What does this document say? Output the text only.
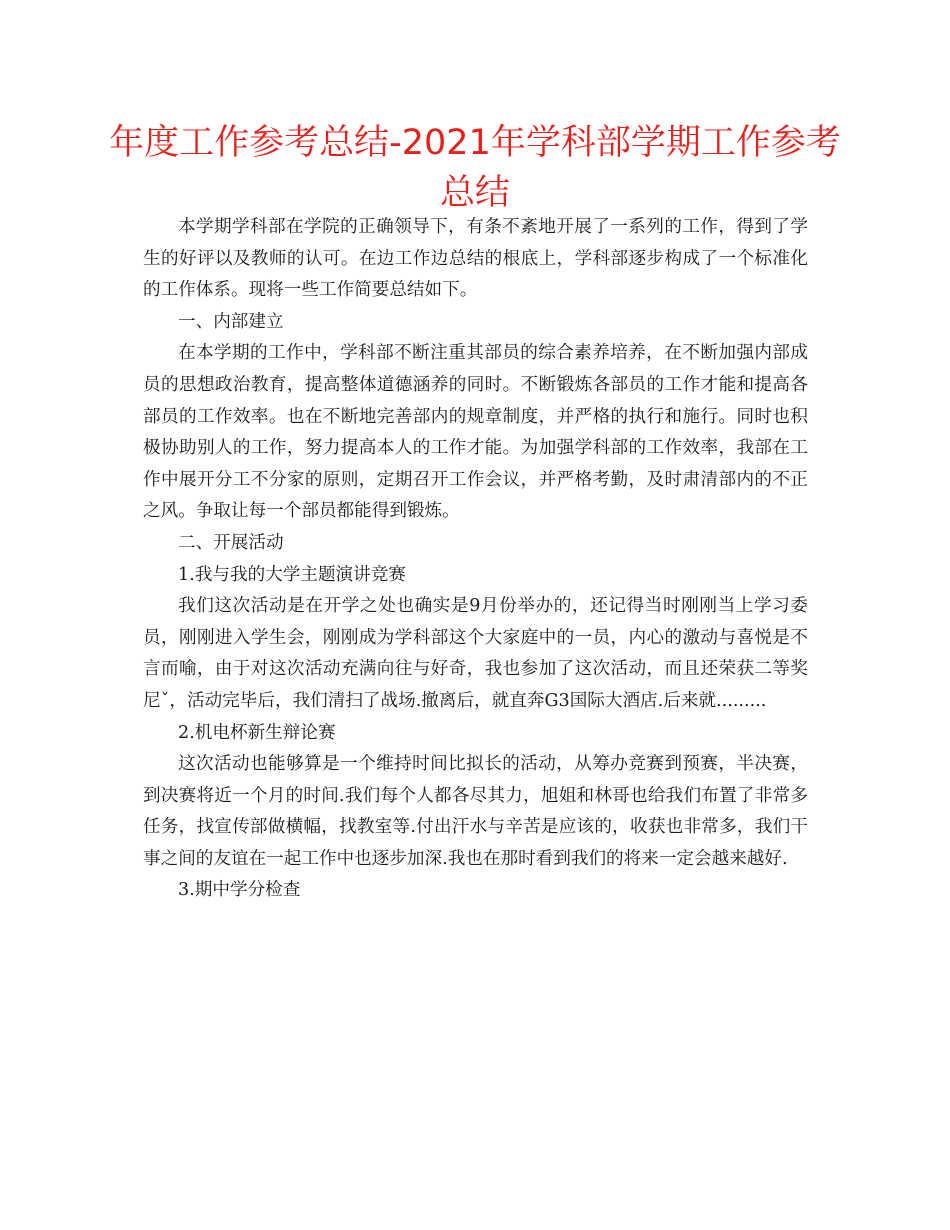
年度工作参考总结-2021年学科部学期工作参考总结

本学期学科部在学院的正确领导下，有条不紊地开展了一系列的工作，得到了学生的好评以及教师的认可。在边工作边总结的根底上，学科部逐步构成了一个标准化的工作体系。现将一些工作简要总结如下。

一、内部建立

在本学期的工作中，学科部不断注重其部员的综合素养培养，在不断加强内部成员的思想政治教育，提高整体道德涵养的同时。不断锻炼各部员的工作才能和提高各部员的工作效率。也在不断地完善部内的规章制度，并严格的执行和施行。同时也积极协助别人的工作，努力提高本人的工作才能。为加强学科部的工作效率，我部在工作中展开分工不分家的原则，定期召开工作会议，并严格考勤，及时肃清部内的不正之风。争取让每一个部员都能得到锻炼。

二、开展活动

1.我与我的大学主题演讲竞赛

我们这次活动是在开学之处也确实是9月份举办的，还记得当时刚刚当上学习委员，刚刚进入学生会，刚刚成为学科部这个大家庭中的一员，内心的激动与喜悦是不言而喻，由于对这次活动充满向往与好奇，我也参加了这次活动，而且还荣获二等奖尼ˇ，活动完毕后，我们清扫了战场.撤离后，就直奔G3国际大酒店.后来就.........

2.机电杯新生辩论赛

这次活动也能够算是一个维持时间比拟长的活动，从筹办竞赛到预赛，半决赛，到决赛将近一个月的时间.我们每个人都各尽其力，旭姐和林哥也给我们布置了非常多任务，找宣传部做横幅，找教室等.付出汗水与辛苦是应该的，收获也非常多，我们干事之间的友谊在一起工作中也逐步加深.我也在那时看到我们的将来一定会越来越好.

3.期中学分检查
